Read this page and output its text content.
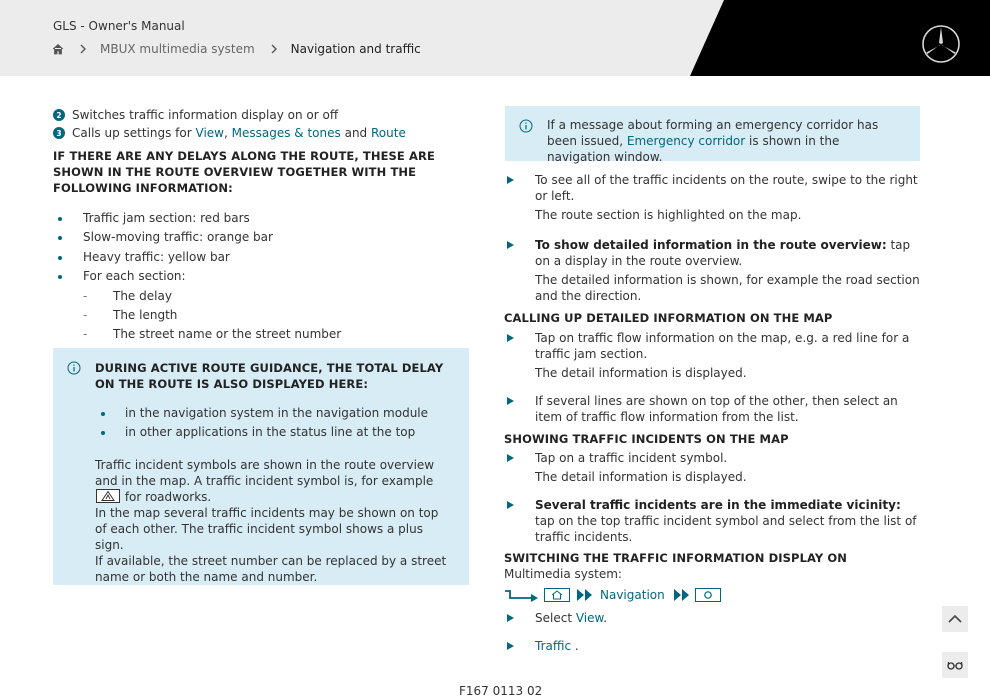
GLS - Owner's Manual
MBUX multimedia system	Navigation and traffic
2 Switches traffic information display on or off
3 Calls up settings for View, Messages & tones and Route
IF THERE ARE ANY DELAYS ALONG THE ROUTE, THESE ARE SHOWN IN THE ROUTE OVERVIEW TOGETHER WITH THE FOLLOWING INFORMATION:
Traffic jam section: red bars
Slow-moving traffic: orange bar
Heavy traffic: yellow bar
For each section:
- The delay
- The length
- The street name or the street number
DURING ACTIVE ROUTE GUIDANCE, THE TOTAL DELAY ON THE ROUTE IS ALSO DISPLAYED HERE:
in the navigation system in the navigation module
in other applications in the status line at the top
Traffic incident symbols are shown in the route overview and in the map. A traffic incident symbol is, for example  for roadworks.
In the map several traffic incidents may be shown on top of each other. The traffic incident symbol shows a plus sign.
If available, the street number can be replaced by a street name or both the name and number.
If a message about forming an emergency corridor has been issued, Emergency corridor is shown in the navigation window.
To see all of the traffic incidents on the route, swipe to the right or left.
The route section is highlighted on the map.
To show detailed information in the route overview: tap on a display in the route overview.
The detailed information is shown, for example the road section and the direction.
CALLING UP DETAILED INFORMATION ON THE MAP
Tap on traffic flow information on the map, e.g. a red line for a traffic jam section.
The detail information is displayed.
If several lines are shown on top of the other, then select an item of traffic flow information from the list.
SHOWING TRAFFIC INCIDENTS ON THE MAP
Tap on a traffic incident symbol.
The detail information is displayed.
Several traffic incidents are in the immediate vicinity: tap on the top traffic incident symbol and select from the list of traffic incidents.
SWITCHING THE TRAFFIC INFORMATION DISPLAY ON
Multimedia system:
Navigation
Select View.
Traffic .
F167 0113 02
